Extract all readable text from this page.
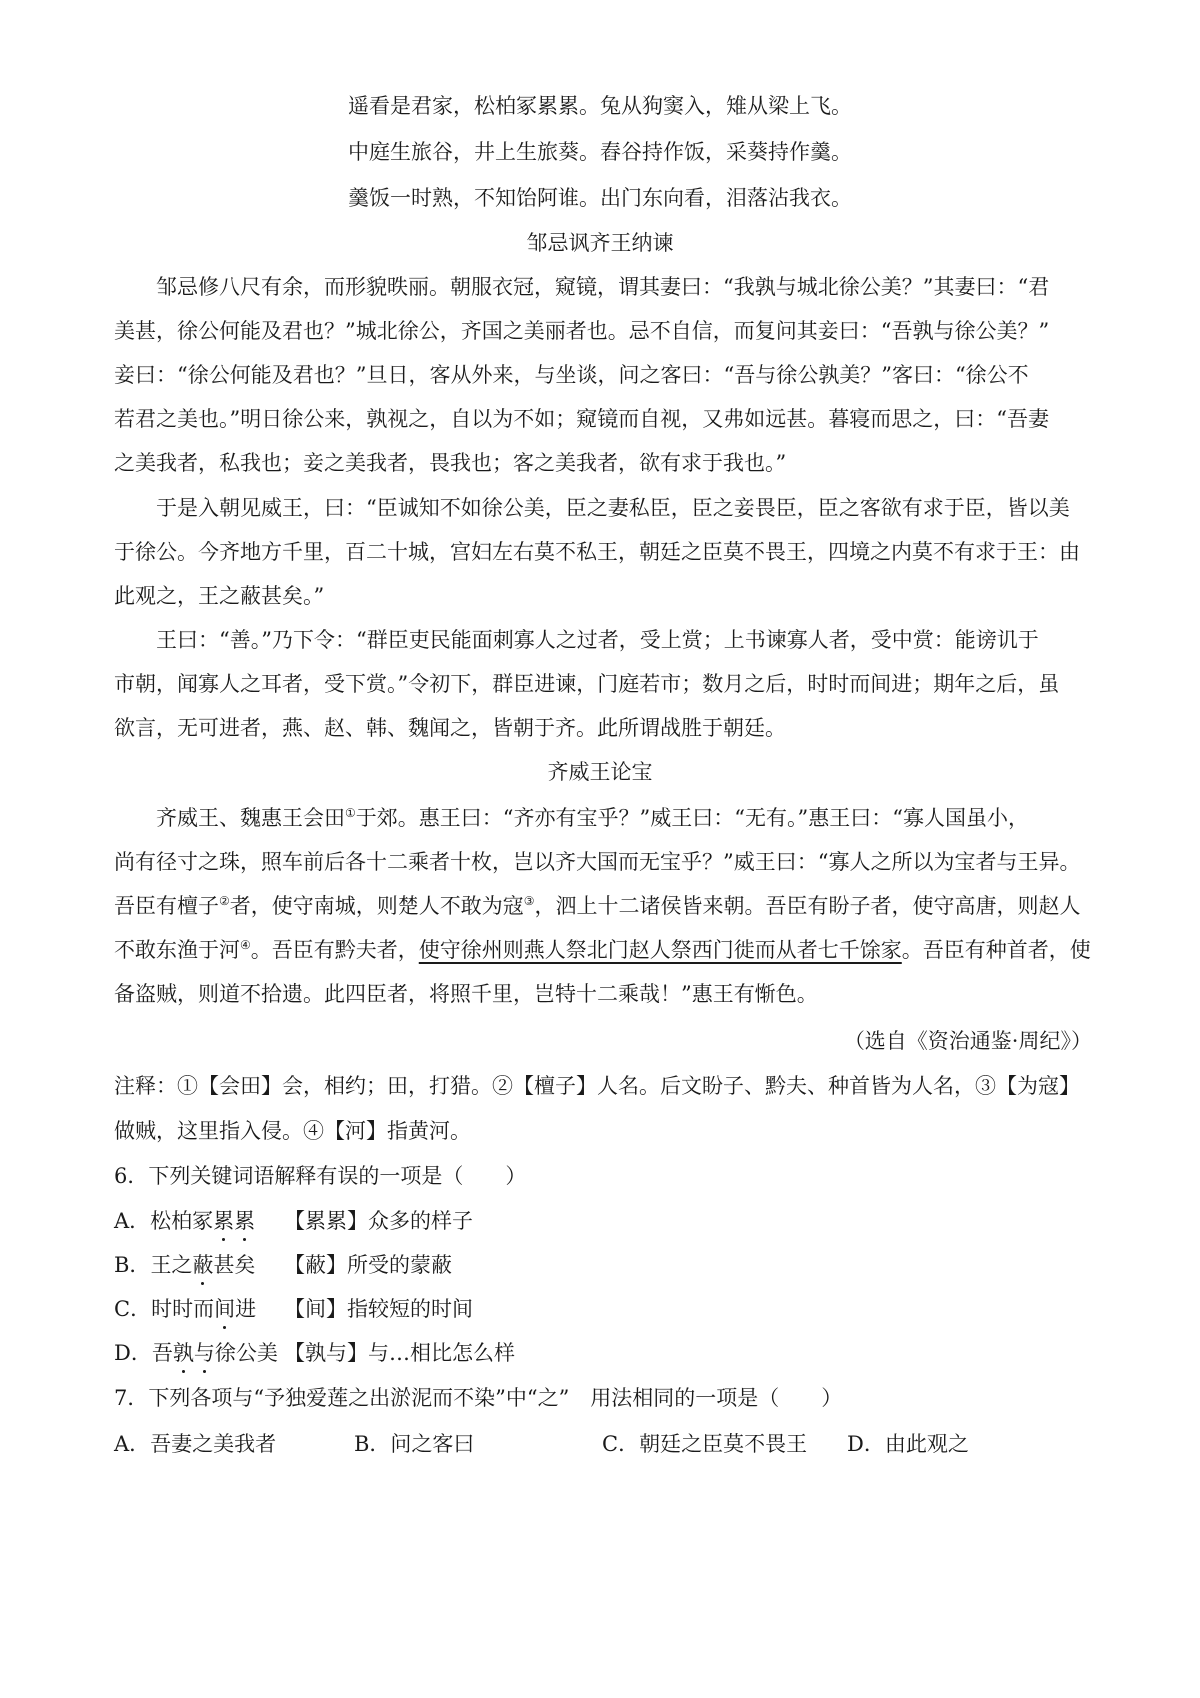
遥看是君家，松柏冢累累。兔从狗窦入，雉从梁上飞。
中庭生旅谷，井上生旅葵。舂谷持作饭，采葵持作羹。
羹饭一时熟，不知饴阿谁。出门东向看，泪落沾我衣。
邹忌讽齐王纳谏
　　邹忌修八尺有余，而形貌昳丽。朝服衣冠，窥镜，谓其妻曰：“我孰与城北徐公美？”其妻曰：“君
美甚，徐公何能及君也？”城北徐公，齐国之美丽者也。忌不自信，而复问其妾曰：“吾孰与徐公美？”
妾曰：“徐公何能及君也？”旦日，客从外来，与坐谈，问之客曰：“吾与徐公孰美？”客曰：“徐公不
若君之美也。”明日徐公来，孰视之，自以为不如；窥镜而自视，又弗如远甚。暮寝而思之，曰：“吾妻
之美我者，私我也；妾之美我者，畏我也；客之美我者，欲有求于我也。”
　　于是入朝见威王，曰：“臣诚知不如徐公美，臣之妻私臣，臣之妾畏臣，臣之客欲有求于臣，皆以美
于徐公。今齐地方千里，百二十城，宫妇左右莫不私王，朝廷之臣莫不畏王，四境之内莫不有求于王：由
此观之，王之蔽甚矣。”
　　王曰：“善。”乃下令：“群臣吏民能面刺寡人之过者，受上赏；上书谏寡人者，受中赏：能谤讥于
市朝，闻寡人之耳者，受下赏。”令初下，群臣进谏，门庭若市；数月之后，时时而间进；期年之后，虽
欲言，无可进者，燕、赵、韩、魏闻之，皆朝于齐。此所谓战胜于朝廷。
齐威王论宝
　　齐威王、魏惠王会田①于郊。惠王曰：“齐亦有宝乎？”威王曰：“无有。”惠王曰：“寡人国虽小，
尚有径寸之珠，照车前后各十二乘者十枚，岂以齐大国而无宝乎？”威王曰：“寡人之所以为宝者与王异。
吾臣有檀子②者，使守南城，则楚人不敢为寇③，泗上十二诸侯皆来朝。吾臣有盼子者，使守高唐，则赵人
不敢东渔于河④。吾臣有黔夫者，使守徐州则燕人祭北门赵人祭西门徙而从者七千馀家。吾臣有种首者，使
备盗贼，则道不拾遗。此四臣者，将照千里，岂特十二乘哉！”惠王有惭色。
（选自《资治通鉴·周纪》）
注释：①【会田】会，相约；田，打猎。②【檀子】人名。后文盼子、黔夫、种首皆为人名，③【为寇】
做贼，这里指入侵。④【河】指黄河。
6．下列关键词语解释有误的一项是（　　）
A．松柏冢累累 【累累】众多的样子
B．王之蔽甚矣 【蔽】所受的蒙蔽
C．时时而间进 【间】指较短的时间
D．吾孰与徐公美 【孰与】与…相比怎么样
7．下列各项与“予独爱莲之出淤泥而不染”中“之”　用法相同的一项是（　　）
A．吾妻之美我者	B．问之客曰	C．朝廷之臣莫不畏王 D．由此观之
